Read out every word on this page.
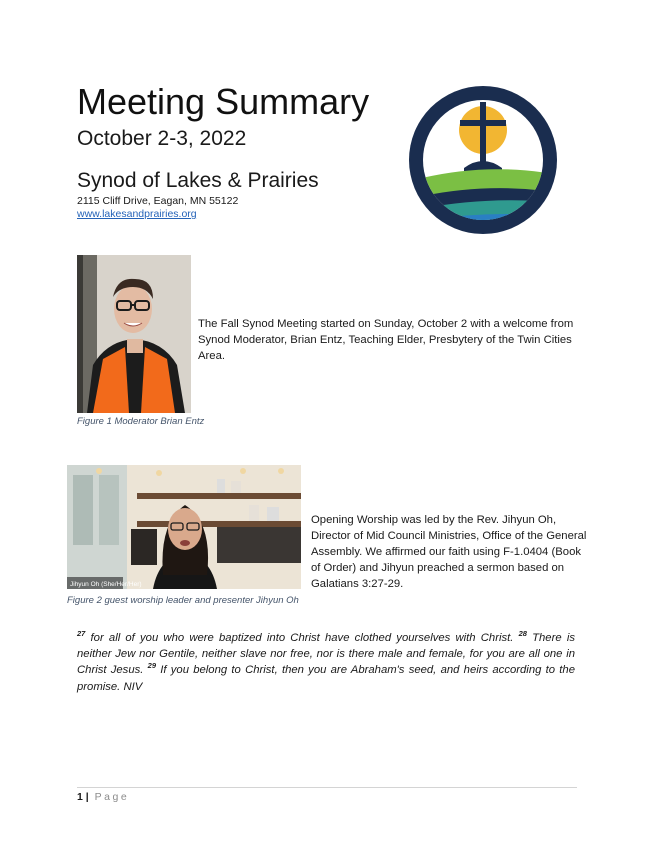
Meeting Summary
October 2-3, 2022
Synod of Lakes & Prairies
2115 Cliff Drive, Eagan, MN 55122
www.lakesandprairies.org
Figure 1 Moderator Brian Entz
The Fall Synod Meeting started on Sunday, October 2 with a welcome from Synod Moderator, Brian Entz, Teaching Elder, Presbytery of the Twin Cities Area.
Jihyun Oh (She/Her/Her)
Figure 2 guest worship leader and presenter Jihyun Oh
Opening Worship was led by the Rev. Jihyun Oh, Director of Mid Council Ministries, Office of the General Assembly. We affirmed our faith using F-1.0404 (Book of Order) and Jihyun preached a sermon based on Galatians 3:27-29.
$^{27}$ for all of you who were baptized into Christ have clothed yourselves with Christ. $^{28}$ There is neither Jew nor Gentile, neither slave nor free, nor is there male and female, for you are all one in Christ Jesus. $^{29}$ If you belong to Christ, then you are Abraham's seed, and heirs according to the promise. NIV
1 | Page
